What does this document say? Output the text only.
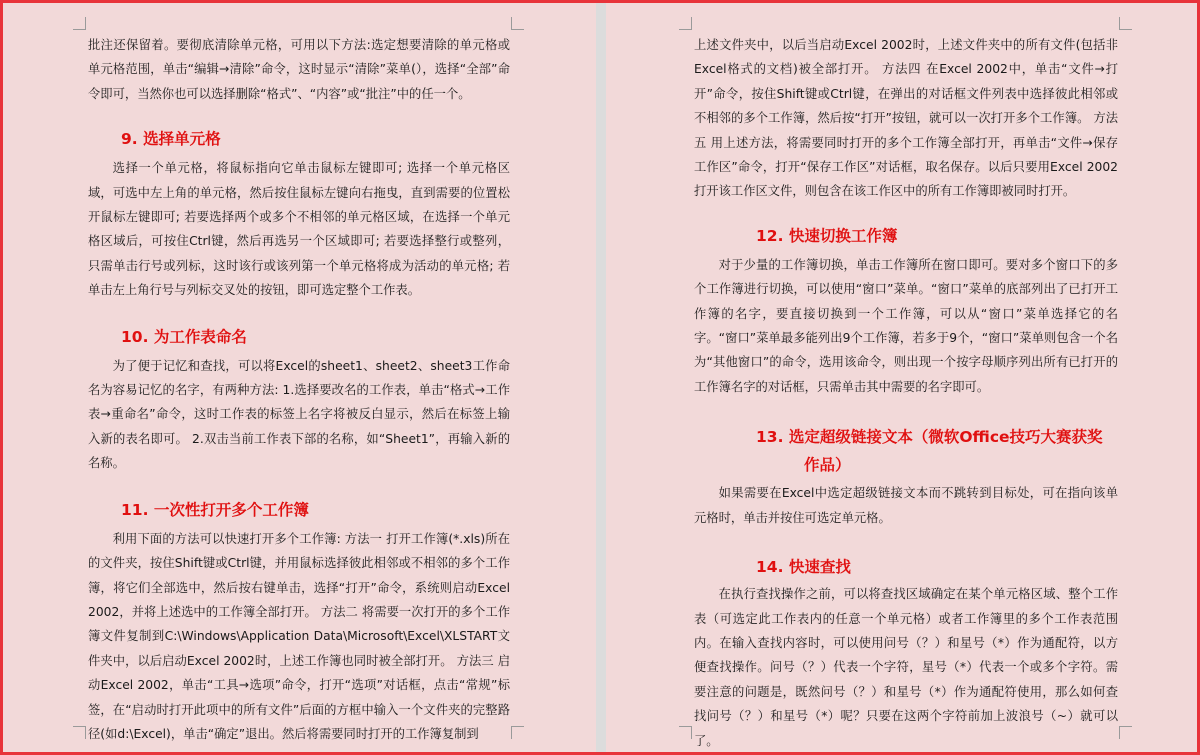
批注还保留着。要彻底清除单元格，可用以下方法:选定想要清除的单元格或单元格范围，单击“编辑→清除”命令，这时显示“清除”菜单(），选择“全部”命令即可，当然你也可以选择删除“格式”、“内容”或“批注”中的任一个。

9. 选择单元格

选择一个单元格，将鼠标指向它单击鼠标左键即可; 选择一个单元格区域，可选中左上角的单元格，然后按住鼠标左键向右拖曳，直到需要的位置松开鼠标左键即可; 若要选择两个或多个不相邻的单元格区域，在选择一个单元格区域后，可按住Ctrl键，然后再选另一个区域即可; 若要选择整行或整列，只需单击行号或列标，这时该行或该列第一个单元格将成为活动的单元格; 若单击左上角行号与列标交叉处的按钮，即可选定整个工作表。

10. 为工作表命名

为了便于记忆和查找，可以将Excel的sheet1、sheet2、sheet3工作命名为容易记忆的名字，有两种方法: 1.选择要改名的工作表，单击“格式→工作表→重命名”命令，这时工作表的标签上名字将被反白显示，然后在标签上输入新的表名即可。 2.双击当前工作表下部的名称，如“Sheet1”，再输入新的名称。

11. 一次性打开多个工作簿

利用下面的方法可以快速打开多个工作簿: 方法一 打开工作簿(*.xls)所在的文件夹，按住Shift键或Ctrl键，并用鼠标选择彼此相邻或不相邻的多个工作簿，将它们全部选中，然后按右键单击，选择“打开”命令，系统则启动Excel 2002，并将上述选中的工作簿全部打开。 方法二 将需要一次打开的多个工作簿文件复制到C:\Windows\Application Data\Microsoft\Excel\XLSTART文件夹中，以后启动Excel 2002时，上述工作簿也同时被全部打开。 方法三 启动Excel 2002，单击“工具→选项”命令，打开“选项”对话框，点击“常规”标签，在“启动时打开此项中的所有文件”后面的方框中输入一个文件夹的完整路径(如d:\Excel)，单击“确定”退出。然后将需要同时打开的工作簿复制到

上述文件夹中，以后当启动Excel 2002时，上述文件夹中的所有文件(包括非Excel格式的文档)被全部打开。 方法四 在Excel 2002中，单击“文件→打开”命令，按住Shift键或Ctrl键，在弹出的对话框文件列表中选择彼此相邻或不相邻的多个工作簿，然后按“打开”按钮，就可以一次打开多个工作簿。 方法五 用上述方法，将需要同时打开的多个工作簿全部打开，再单击“文件→保存工作区”命令，打开“保存工作区”对话框，取名保存。以后只要用Excel 2002打开该工作区文件，则包含在该工作区中的所有工作簿即被同时打开。

12. 快速切换工作簿

对于少量的工作簿切换，单击工作簿所在窗口即可。要对多个窗口下的多个工作簿进行切换，可以使用“窗口”菜单。“窗口”菜单的底部列出了已打开工作簿的名字，要直接切换到一个工作簿，可以从“窗口”菜单选择它的名字。“窗口”菜单最多能列出9个工作簿，若多于9个，“窗口”菜单则包含一个名为“其他窗口”的命令，选用该命令，则出现一个按字母顺序列出所有已打开的工作簿名字的对话框，只需单击其中需要的名字即可。

13. 选定超级链接文本（微软Office技巧大赛获奖
作品）

如果需要在Excel中选定超级链接文本而不跳转到目标处，可在指向该单元格时，单击并按住可选定单元格。

14. 快速查找

在执行查找操作之前，可以将查找区域确定在某个单元格区域、整个工作表（可选定此工作表内的任意一个单元格）或者工作簿里的多个工作表范围内。在输入查找内容时，可以使用问号（？）和星号（*）作为通配符，以方便查找操作。问号（？）代表一个字符，星号（*）代表一个或多个字符。需要注意的问题是，既然问号（？）和星号（*）作为通配符使用，那么如何查找问号（？）和星号（*）呢？只要在这两个字符前加上波浪号（~）就可以了。
